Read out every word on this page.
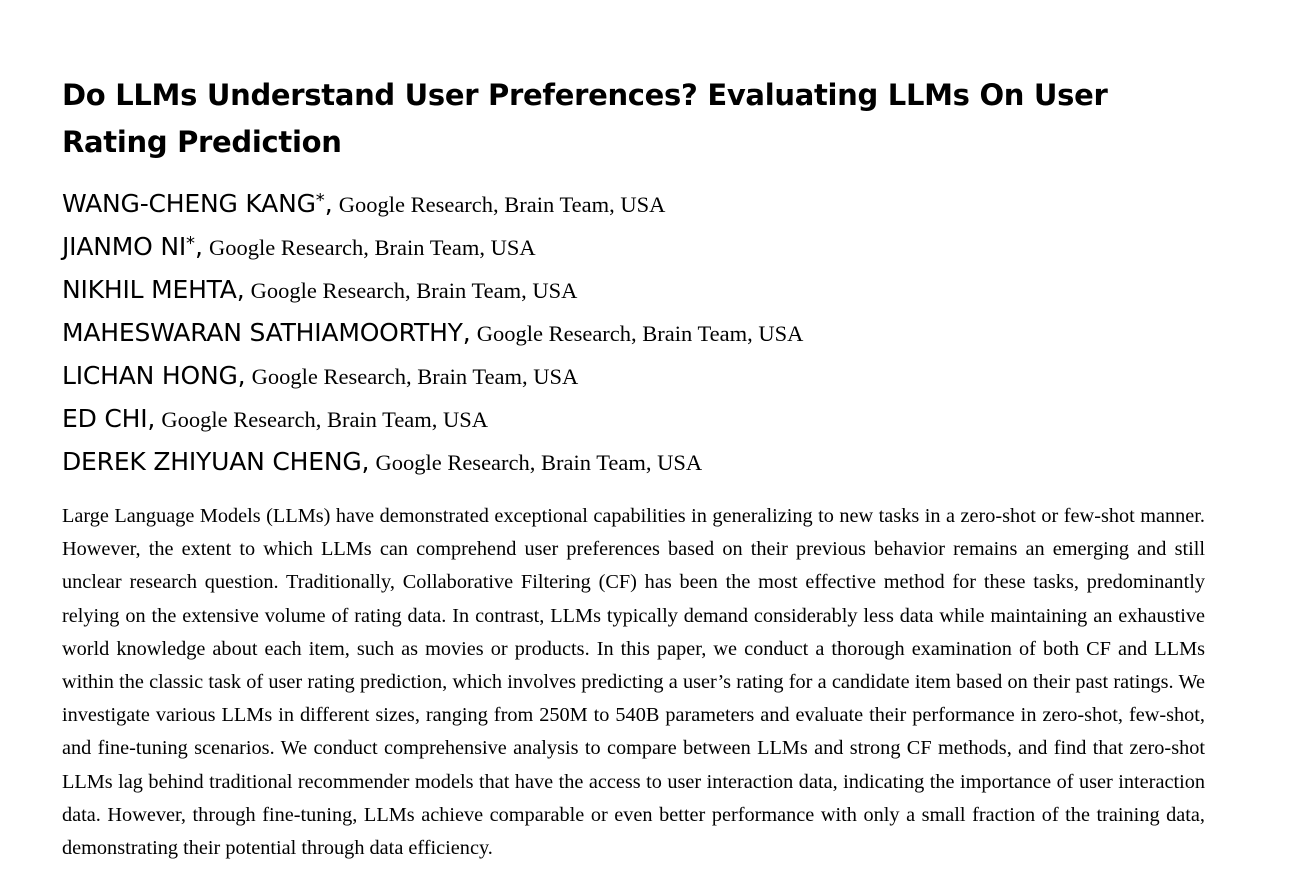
Do LLMs Understand User Preferences? Evaluating LLMs On User Rating Prediction
WANG-CHENG KANG*, Google Research, Brain Team, USA
JIANMO NI*, Google Research, Brain Team, USA
NIKHIL MEHTA, Google Research, Brain Team, USA
MAHESWARAN SATHIAMOORTHY, Google Research, Brain Team, USA
LICHAN HONG, Google Research, Brain Team, USA
ED CHI, Google Research, Brain Team, USA
DEREK ZHIYUAN CHENG, Google Research, Brain Team, USA

Large Language Models (LLMs) have demonstrated exceptional capabilities in generalizing to new tasks in a zero-shot or few-shot manner. However, the extent to which LLMs can comprehend user preferences based on their previous behavior remains an emerging and still unclear research question. Traditionally, Collaborative Filtering (CF) has been the most effective method for these tasks, predominantly relying on the extensive volume of rating data. In contrast, LLMs typically demand considerably less data while maintaining an exhaustive world knowledge about each item, such as movies or products. In this paper, we conduct a thorough examination of both CF and LLMs within the classic task of user rating prediction, which involves predicting a user’s rating for a candidate item based on their past ratings. We investigate various LLMs in different sizes, ranging from 250M to 540B parameters and evaluate their performance in zero-shot, few-shot, and fine-tuning scenarios. We conduct comprehensive analysis to compare between LLMs and strong CF methods, and find that zero-shot LLMs lag behind traditional recommender models that have the access to user interaction data, indicating the importance of user interaction data. However, through fine-tuning, LLMs achieve comparable or even better performance with only a small fraction of the training data, demonstrating their potential through data efficiency.
